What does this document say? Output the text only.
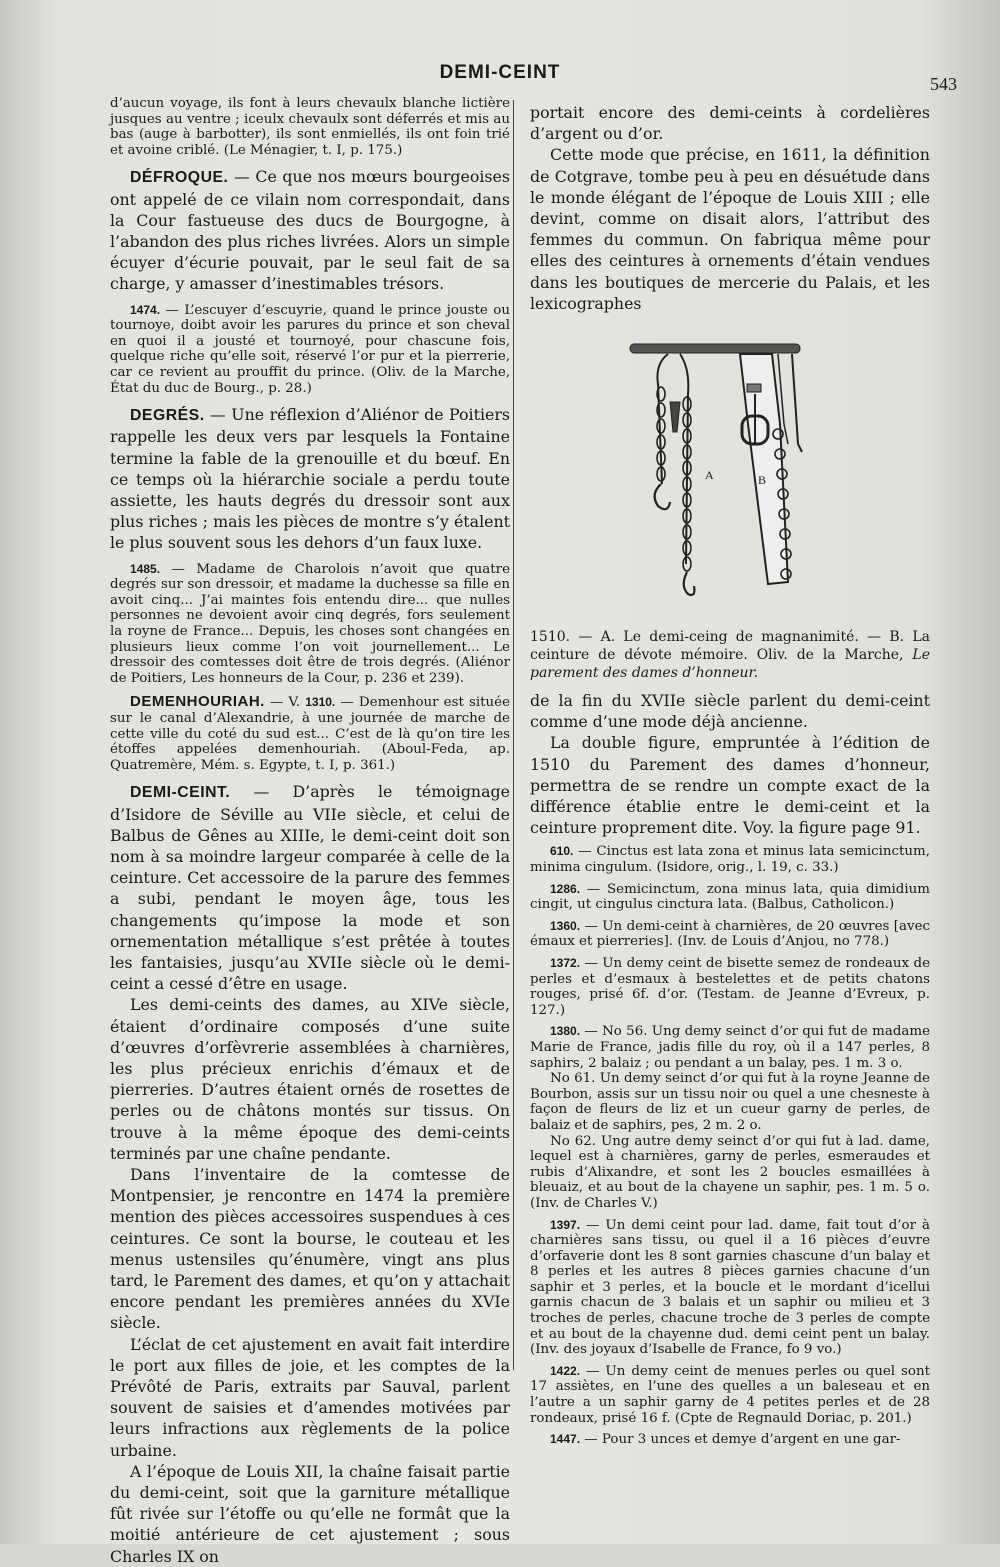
DEMI-CEINT
543

d’aucun voyage, ils font à leurs chevaulx blanche lictière jusques au ventre ; iceulx chevaulx sont déferrés et mis au bas (auge à barbotter), ils sont enmiellés, ils ont foin trié et avoine criblé. (Le Ménagier, t. I, p. 175.)

DÉFROQUE. — Ce que nos mœurs bourgeoises ont appelé de ce vilain nom correspondait, dans la Cour fastueuse des ducs de Bourgogne, à l’abandon des plus riches livrées. Alors un simple écuyer d’écurie pouvait, par le seul fait de sa charge, y amasser d’inestimables trésors.

1474. — L’escuyer d’escuyrie, quand le prince jouste ou tournoye, doibt avoir les parures du prince et son cheval en quoi il a jousté et tournoyé, pour chascune fois, quelque riche qu’elle soit, réservé l’or pur et la pierrerie, car ce revient au prouffit du prince. (Oliv. de la Marche, État du duc de Bourg., p. 28.)

DEGRÉS. — Une réflexion d’Aliénor de Poitiers rappelle les deux vers par lesquels la Fontaine termine la fable de la grenouille et du bœuf. En ce temps où la hiérarchie sociale a perdu toute assiette, les hauts degrés du dressoir sont aux plus riches ; mais les pièces de montre s’y étalent le plus souvent sous les dehors d’un faux luxe.

1485. — Madame de Charolois n’avoit que quatre degrés sur son dressoir, et madame la duchesse sa fille en avoit cinq... J’ai maintes fois entendu dire... que nulles personnes ne devoient avoir cinq degrés, fors seulement la royne de France... Depuis, les choses sont changées en plusieurs lieux comme l’on voit journellement... Le dressoir des comtesses doit être de trois degrés. (Aliénor de Poitiers, Les honneurs de la Cour, p. 236 et 239).

DEMENHOURIAH. — V. 1310. — Demenhour est située sur le canal d’Alexandrie, à une journée de marche de cette ville du coté du sud est... C’est de là qu’on tire les étoffes appelées demenhouriah. (Aboul-Feda, ap. Quatremère, Mém. s. Egypte, t. I, p. 361.)

DEMI-CEINT. — D’après le témoignage d’Isidore de Séville au VIIe siècle, et celui de Balbus de Gênes au XIIIe, le demi-ceint doit son nom à sa moindre largeur comparée à celle de la ceinture. Cet accessoire de la parure des femmes a subi, pendant le moyen âge, tous les changements qu’impose la mode et son ornementation métallique s’est prêtée à toutes les fantaisies, jusqu’au XVIIe siècle où le demi-ceint a cessé d’être en usage.

Les demi-ceints des dames, au XIVe siècle, étaient d’ordinaire composés d’une suite d’œuvres d’orfèvrerie assemblées à charnières, les plus précieux enrichis d’émaux et de pierreries. D’autres étaient ornés de rosettes de perles ou de châtons montés sur tissus. On trouve à la même époque des demi-ceints terminés par une chaîne pendante.

Dans l’inventaire de la comtesse de Montpensier, je rencontre en 1474 la première mention des pièces accessoires suspendues à ces ceintures. Ce sont la bourse, le couteau et les menus ustensiles qu’énumère, vingt ans plus tard, le Parement des dames, et qu’on y attachait encore pendant les premières années du XVIe siècle.

L’éclat de cet ajustement en avait fait interdire le port aux filles de joie, et les comptes de la Prévôté de Paris, extraits par Sauval, parlent souvent de saisies et d’amendes motivées par leurs infractions aux règlements de la police urbaine.

A l’époque de Louis XII, la chaîne faisait partie du demi-ceint, soit que la garniture métallique fût rivée sur l’étoffe ou qu’elle ne formât que la moitié antérieure de cet ajustement ; sous Charles IX on

portait encore des demi-ceints à cordelières d’argent ou d’or.

Cette mode que précise, en 1611, la définition de Cotgrave, tombe peu à peu en désuétude dans le monde élégant de l’époque de Louis XIII ; elle devint, comme on disait alors, l’attribut des femmes du commun. On fabriqua même pour elles des ceintures à ornements d’étain vendues dans les boutiques de mercerie du Palais, et les lexicographes

A	B

1510. — A. Le demi-ceing de magnanimité. — B. La ceinture de dévote mémoire. Oliv. de la Marche, Le parement des dames d’honneur.

de la fin du XVIIe siècle parlent du demi-ceint comme d’une mode déjà ancienne.

La double figure, empruntée à l’édition de 1510 du Parement des dames d’honneur, permettra de se rendre un compte exact de la différence établie entre le demi-ceint et la ceinture proprement dite. Voy. la figure page 91.

610. — Cinctus est lata zona et minus lata semicinctum, minima cingulum. (Isidore, orig., l. 19, c. 33.)

1286. — Semicinctum, zona minus lata, quia dimidium cingit, ut cingulus cinctura lata. (Balbus, Catholicon.)

1360. — Un demi-ceint à charnières, de 20 œuvres [avec émaux et pierreries]. (Inv. de Louis d’Anjou, no 778.)

1372. — Un demy ceint de bisette semez de rondeaux de perles et d’esmaux à bestelettes et de petits chatons rouges, prisé 6f. d’or. (Testam. de Jeanne d’Evreux, p. 127.)

1380. — No 56. Ung demy seinct d’or qui fut de madame Marie de France, jadis fille du roy, où il a 147 perles, 8 saphirs, 2 balaiz ; ou pendant a un balay, pes. 1 m. 3 o.

No 61. Un demy seinct d’or qui fut à la royne Jeanne de Bourbon, assis sur un tissu noir ou quel a une chesneste à façon de fleurs de liz et un cueur garny de perles, de balaiz et de saphirs, pes, 2 m. 2 o.

No 62. Ung autre demy seinct d’or qui fut à lad. dame, lequel est à charnières, garny de perles, esmeraudes et rubis d’Alixandre, et sont les 2 boucles esmaillées à bleuaiz, et au bout de la chayene un saphir, pes. 1 m. 5 o. (Inv. de Charles V.)

1397. — Un demi ceint pour lad. dame, fait tout d’or à charnières sans tissu, ou quel il a 16 pièces d’euvre d’orfaverie dont les 8 sont garnies chascune d’un balay et 8 perles et les autres 8 pièces garnies chacune d’un saphir et 3 perles, et la boucle et le mordant d’icellui garnis chacun de 3 balais et un saphir ou milieu et 3 troches de perles, chacune troche de 3 perles de compte et au bout de la chayenne dud. demi ceint pent un balay. (Inv. des joyaux d’Isabelle de France, fo 9 vo.)

1422. — Un demy ceint de menues perles ou quel sont 17 assiètes, en l’une des quelles a un baleseau et en l’autre a un saphir garny de 4 petites perles et de 28 rondeaux, prisé 16 f. (Cpte de Regnauld Doriac, p. 201.)

1447. — Pour 3 unces et demye d’argent en une gar-
